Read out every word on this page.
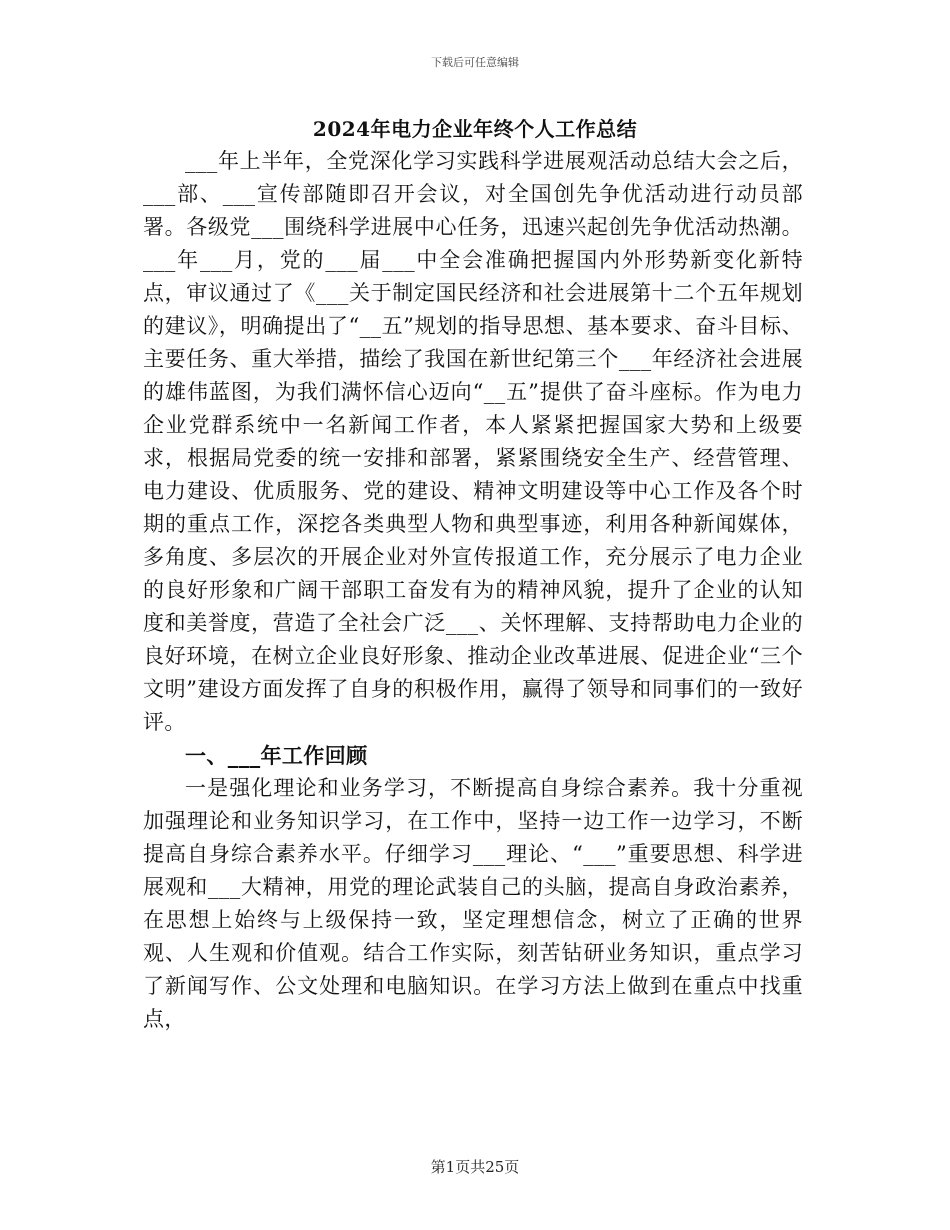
下载后可任意编辑
2024年电力企业年终个人工作总结

___年上半年，全党深化学习实践科学进展观活动总结大会之后，___部、___宣传部随即召开会议，对全国创先争优活动进行动员部署。各级党___围绕科学进展中心任务，迅速兴起创先争优活动热潮。___年___月，党的___届___中全会准确把握国内外形势新变化新特点，审议通过了《___关于制定国民经济和社会进展第十二个五年规划的建议》，明确提出了“__五”规划的指导思想、基本要求、奋斗目标、主要任务、重大举措，描绘了我国在新世纪第三个___年经济社会进展的雄伟蓝图，为我们满怀信心迈向“__五”提供了奋斗座标。作为电力企业党群系统中一名新闻工作者，本人紧紧把握国家大势和上级要求，根据局党委的统一安排和部署，紧紧围绕安全生产、经营管理、电力建设、优质服务、党的建设、精神文明建设等中心工作及各个时期的重点工作，深挖各类典型人物和典型事迹，利用各种新闻媒体，多角度、多层次的开展企业对外宣传报道工作，充分展示了电力企业的良好形象和广阔干部职工奋发有为的精神风貌，提升了企业的认知度和美誉度，营造了全社会广泛___、关怀理解、支持帮助电力企业的良好环境，在树立企业良好形象、推动企业改革进展、促进企业“三个文明”建设方面发挥了自身的积极作用，赢得了领导和同事们的一致好评。

一、___年工作回顾

一是强化理论和业务学习，不断提高自身综合素养。我十分重视加强理论和业务知识学习，在工作中，坚持一边工作一边学习，不断提高自身综合素养水平。仔细学习___理论、“___”重要思想、科学进展观和___大精神，用党的理论武装自己的头脑，提高自身政治素养，在思想上始终与上级保持一致，坚定理想信念，树立了正确的世界观、人生观和价值观。结合工作实际，刻苦钻研业务知识，重点学习了新闻写作、公文处理和电脑知识。在学习方法上做到在重点中找重点，

第1页共25页
